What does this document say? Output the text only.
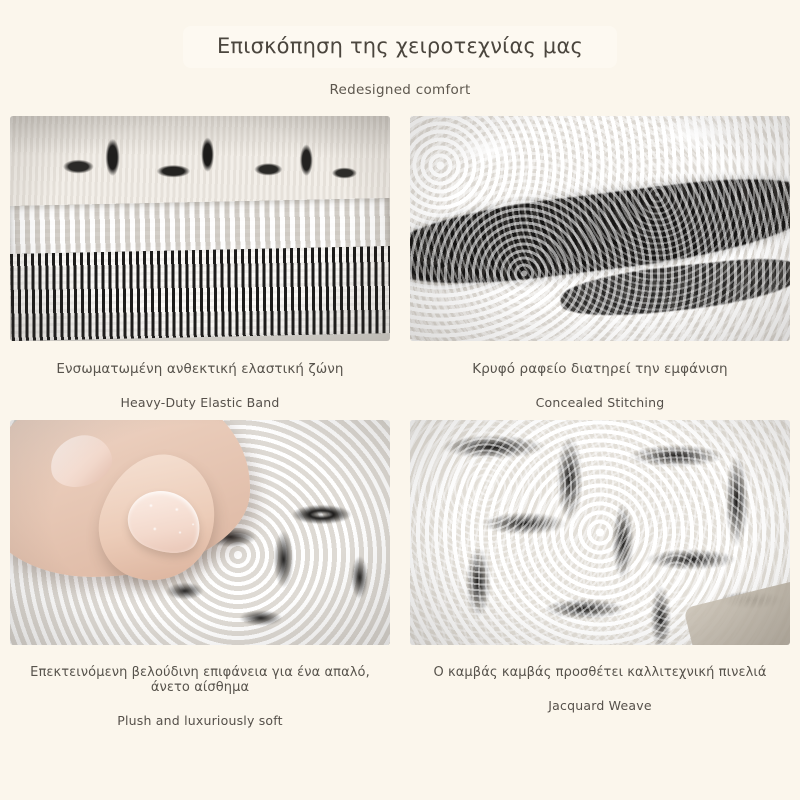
Επισκόπηση της χειροτεχνίας μας
Redesigned comfort
Ενσωματωμένη ανθεκτική ελαστική ζώνη
Heavy-Duty Elastic Band
Κρυφό ραφείο διατηρεί την εμφάνιση
Concealed Stitching
Επεκτεινόμενη βελούδινη επιφάνεια για ένα απαλό, άνετο αίσθημα
Plush and luxuriously soft
Ο καμβάς καμβάς προσθέτει καλλιτεχνική πινελιά
Jacquard Weave
